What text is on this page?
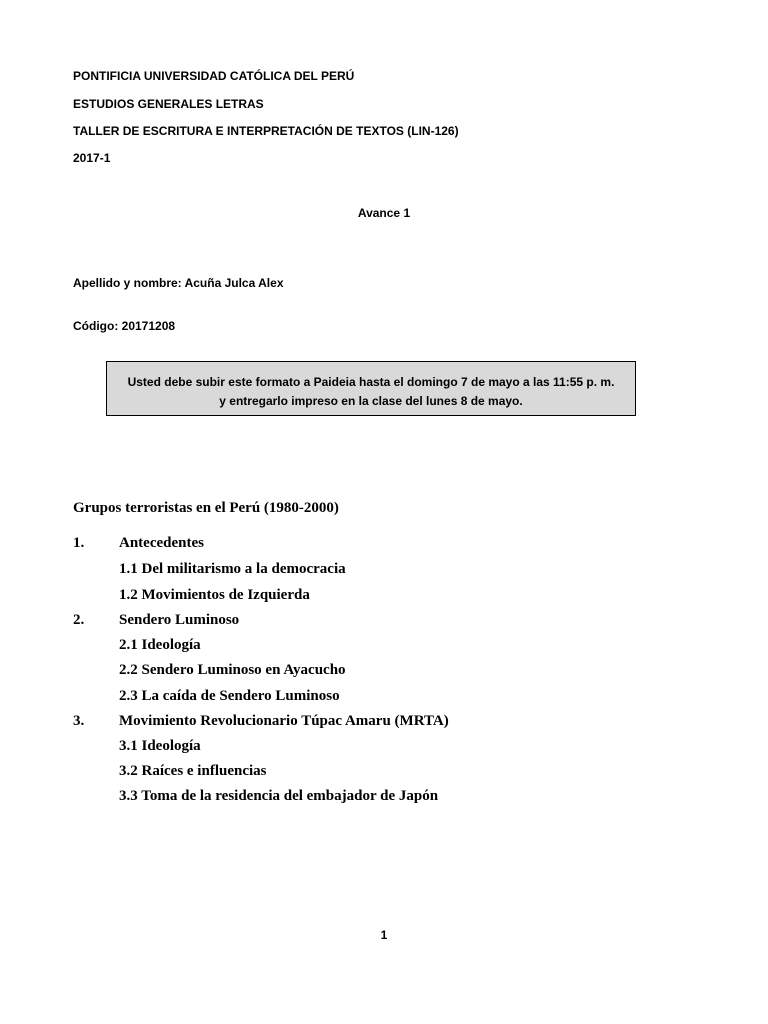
PONTIFICIA UNIVERSIDAD CATÓLICA DEL PERÚ
ESTUDIOS GENERALES LETRAS
TALLER DE ESCRITURA E INTERPRETACIÓN DE TEXTOS (LIN-126)
2017-1
Avance 1
Apellido y nombre: Acuña Julca Alex
Código: 20171208
Usted debe subir este formato a Paideia hasta el domingo 7 de mayo a las 11:55 p. m.
y entregarlo impreso en la clase del lunes 8 de mayo.
Grupos terroristas en el Perú (1980-2000)
1. Antecedentes
1.1 Del militarismo a la democracia
1.2 Movimientos de Izquierda
2. Sendero Luminoso
2.1 Ideología
2.2 Sendero Luminoso en Ayacucho
2.3 La caída de Sendero Luminoso
3. Movimiento Revolucionario Túpac Amaru (MRTA)
3.1 Ideología
3.2 Raíces e influencias
3.3 Toma de la residencia del embajador de Japón
1
